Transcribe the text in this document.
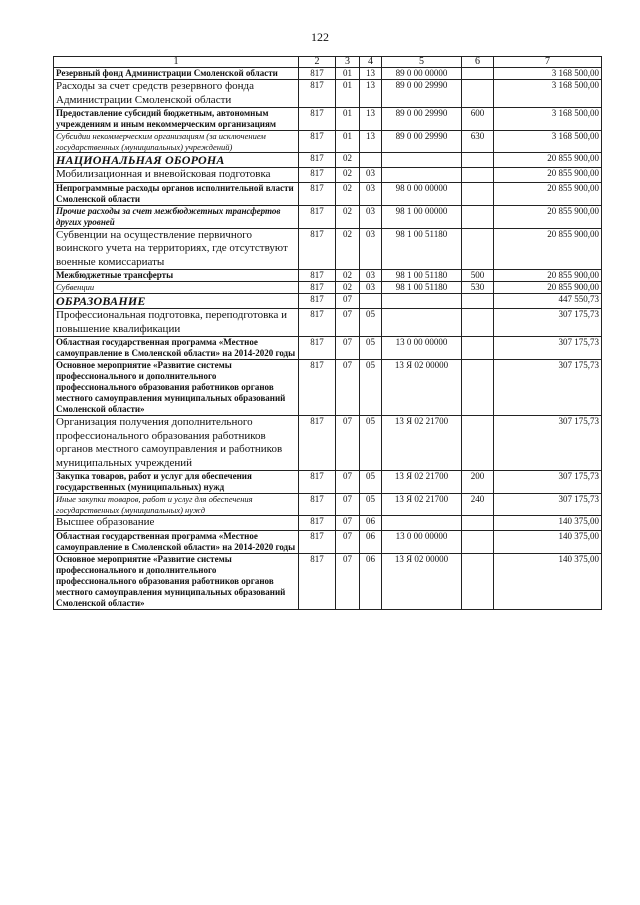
122
1	2	3	4	5	6	7
Резервный фонд Администрации Смоленской области	817	01	13	89 0 00 00000		3 168 500,00
Расходы за счет средств резервного фонда Администрации Смоленской области	817	01	13	89 0 00 29990		3 168 500,00
Предоставление субсидий бюджетным, автономным учреждениям и иным некоммерческим организациям	817	01	13	89 0 00 29990	600	3 168 500,00
Субсидии некоммерческим организациям (за исключением государственных (муниципальных) учреждений)	817	01	13	89 0 00 29990	630	3 168 500,00
НАЦИОНАЛЬНАЯ ОБОРОНА	817	02				20 855 900,00
Мобилизационная и вневойсковая подготовка	817	02	03			20 855 900,00
Непрограммные расходы органов исполнительной власти Смоленской области	817	02	03	98 0 00 00000		20 855 900,00
Прочие расходы за счет межбюджетных трансфертов других уровней	817	02	03	98 1 00 00000		20 855 900,00
Субвенции на осуществление первичного воинского учета на территориях, где отсутствуют военные комиссариаты	817	02	03	98 1 00 51180		20 855 900,00
Межбюджетные трансферты	817	02	03	98 1 00 51180	500	20 855 900,00
Субвенции	817	02	03	98 1 00 51180	530	20 855 900,00
ОБРАЗОВАНИЕ	817	07				447 550,73
Профессиональная подготовка, переподготовка и повышение квалификации	817	07	05			307 175,73
Областная государственная программа «Местное самоуправление в Смоленской области» на 2014-2020 годы	817	07	05	13 0 00 00000		307 175,73
Основное мероприятие «Развитие системы профессионального и дополнительного профессионального образования работников органов местного самоуправления муниципальных образований Смоленской области»	817	07	05	13 Я 02 00000		307 175,73
Организация получения дополнительного профессионального образования работников органов местного самоуправления и работников муниципальных учреждений	817	07	05	13 Я 02 21700		307 175,73
Закупка товаров, работ и услуг для обеспечения государственных (муниципальных) нужд	817	07	05	13 Я 02 21700	200	307 175,73
Иные закупки товаров, работ и услуг для обеспечения государственных (муниципальных) нужд	817	07	05	13 Я 02 21700	240	307 175,73
Высшее образование	817	07	06			140 375,00
Областная государственная программа «Местное самоуправление в Смоленской области» на 2014-2020 годы	817	07	06	13 0 00 00000		140 375,00
Основное мероприятие «Развитие системы профессионального и дополнительного профессионального образования работников органов местного самоуправления муниципальных образований Смоленской области»	817	07	06	13 Я 02 00000		140 375,00
